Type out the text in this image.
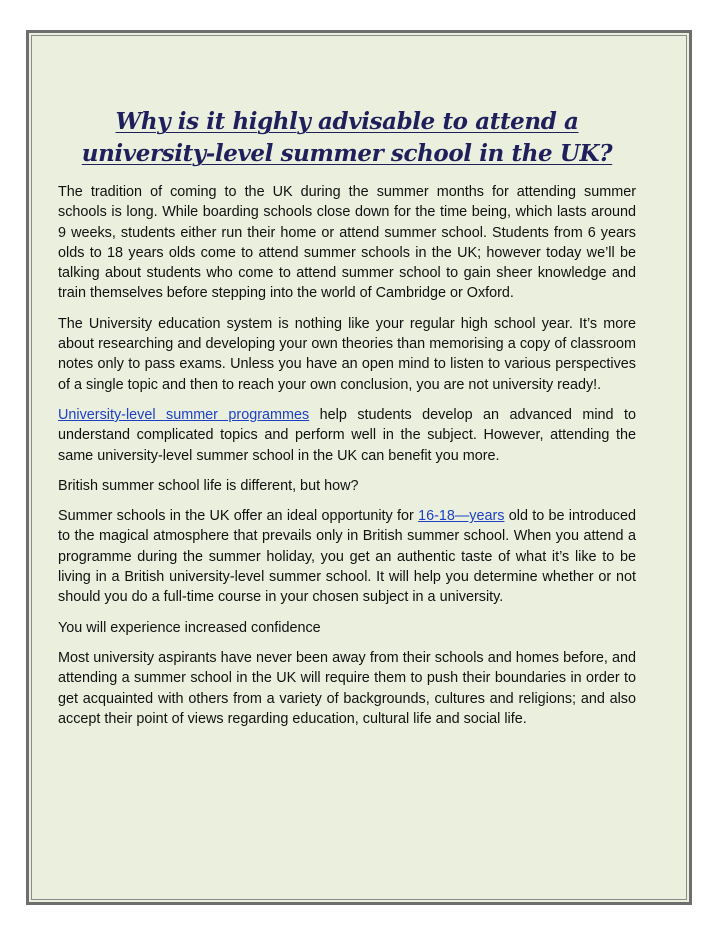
Why is it highly advisable to attend a university-level summer school in the UK?

The tradition of coming to the UK during the summer months for attending summer schools is long. While boarding schools close down for the time being, which lasts around 9 weeks, students either run their home or attend summer school. Students from 6 years olds to 18 years olds come to attend summer schools in the UK; however today we’ll be talking about students who come to attend summer school to gain sheer knowledge and train themselves before stepping into the world of Cambridge or Oxford.

The University education system is nothing like your regular high school year. It’s more about researching and developing your own theories than memorising a copy of classroom notes only to pass exams. Unless you have an open mind to listen to various perspectives of a single topic and then to reach your own conclusion, you are not university ready!.

University-level summer programmes help students develop an advanced mind to understand complicated topics and perform well in the subject. However, attending the same university-level summer school in the UK can benefit you more.

British summer school life is different, but how?

Summer schools in the UK offer an ideal opportunity for 16-18—years old to be introduced to the magical atmosphere that prevails only in British summer school. When you attend a programme during the summer holiday, you get an authentic taste of what it’s like to be living in a British university-level summer school. It will help you determine whether or not should you do a full-time course in your chosen subject in a university.

You will experience increased confidence

Most university aspirants have never been away from their schools and homes before, and attending a summer school in the UK will require them to push their boundaries in order to get acquainted with others from a variety of backgrounds, cultures and religions; and also accept their point of views regarding education, cultural life and social life.
